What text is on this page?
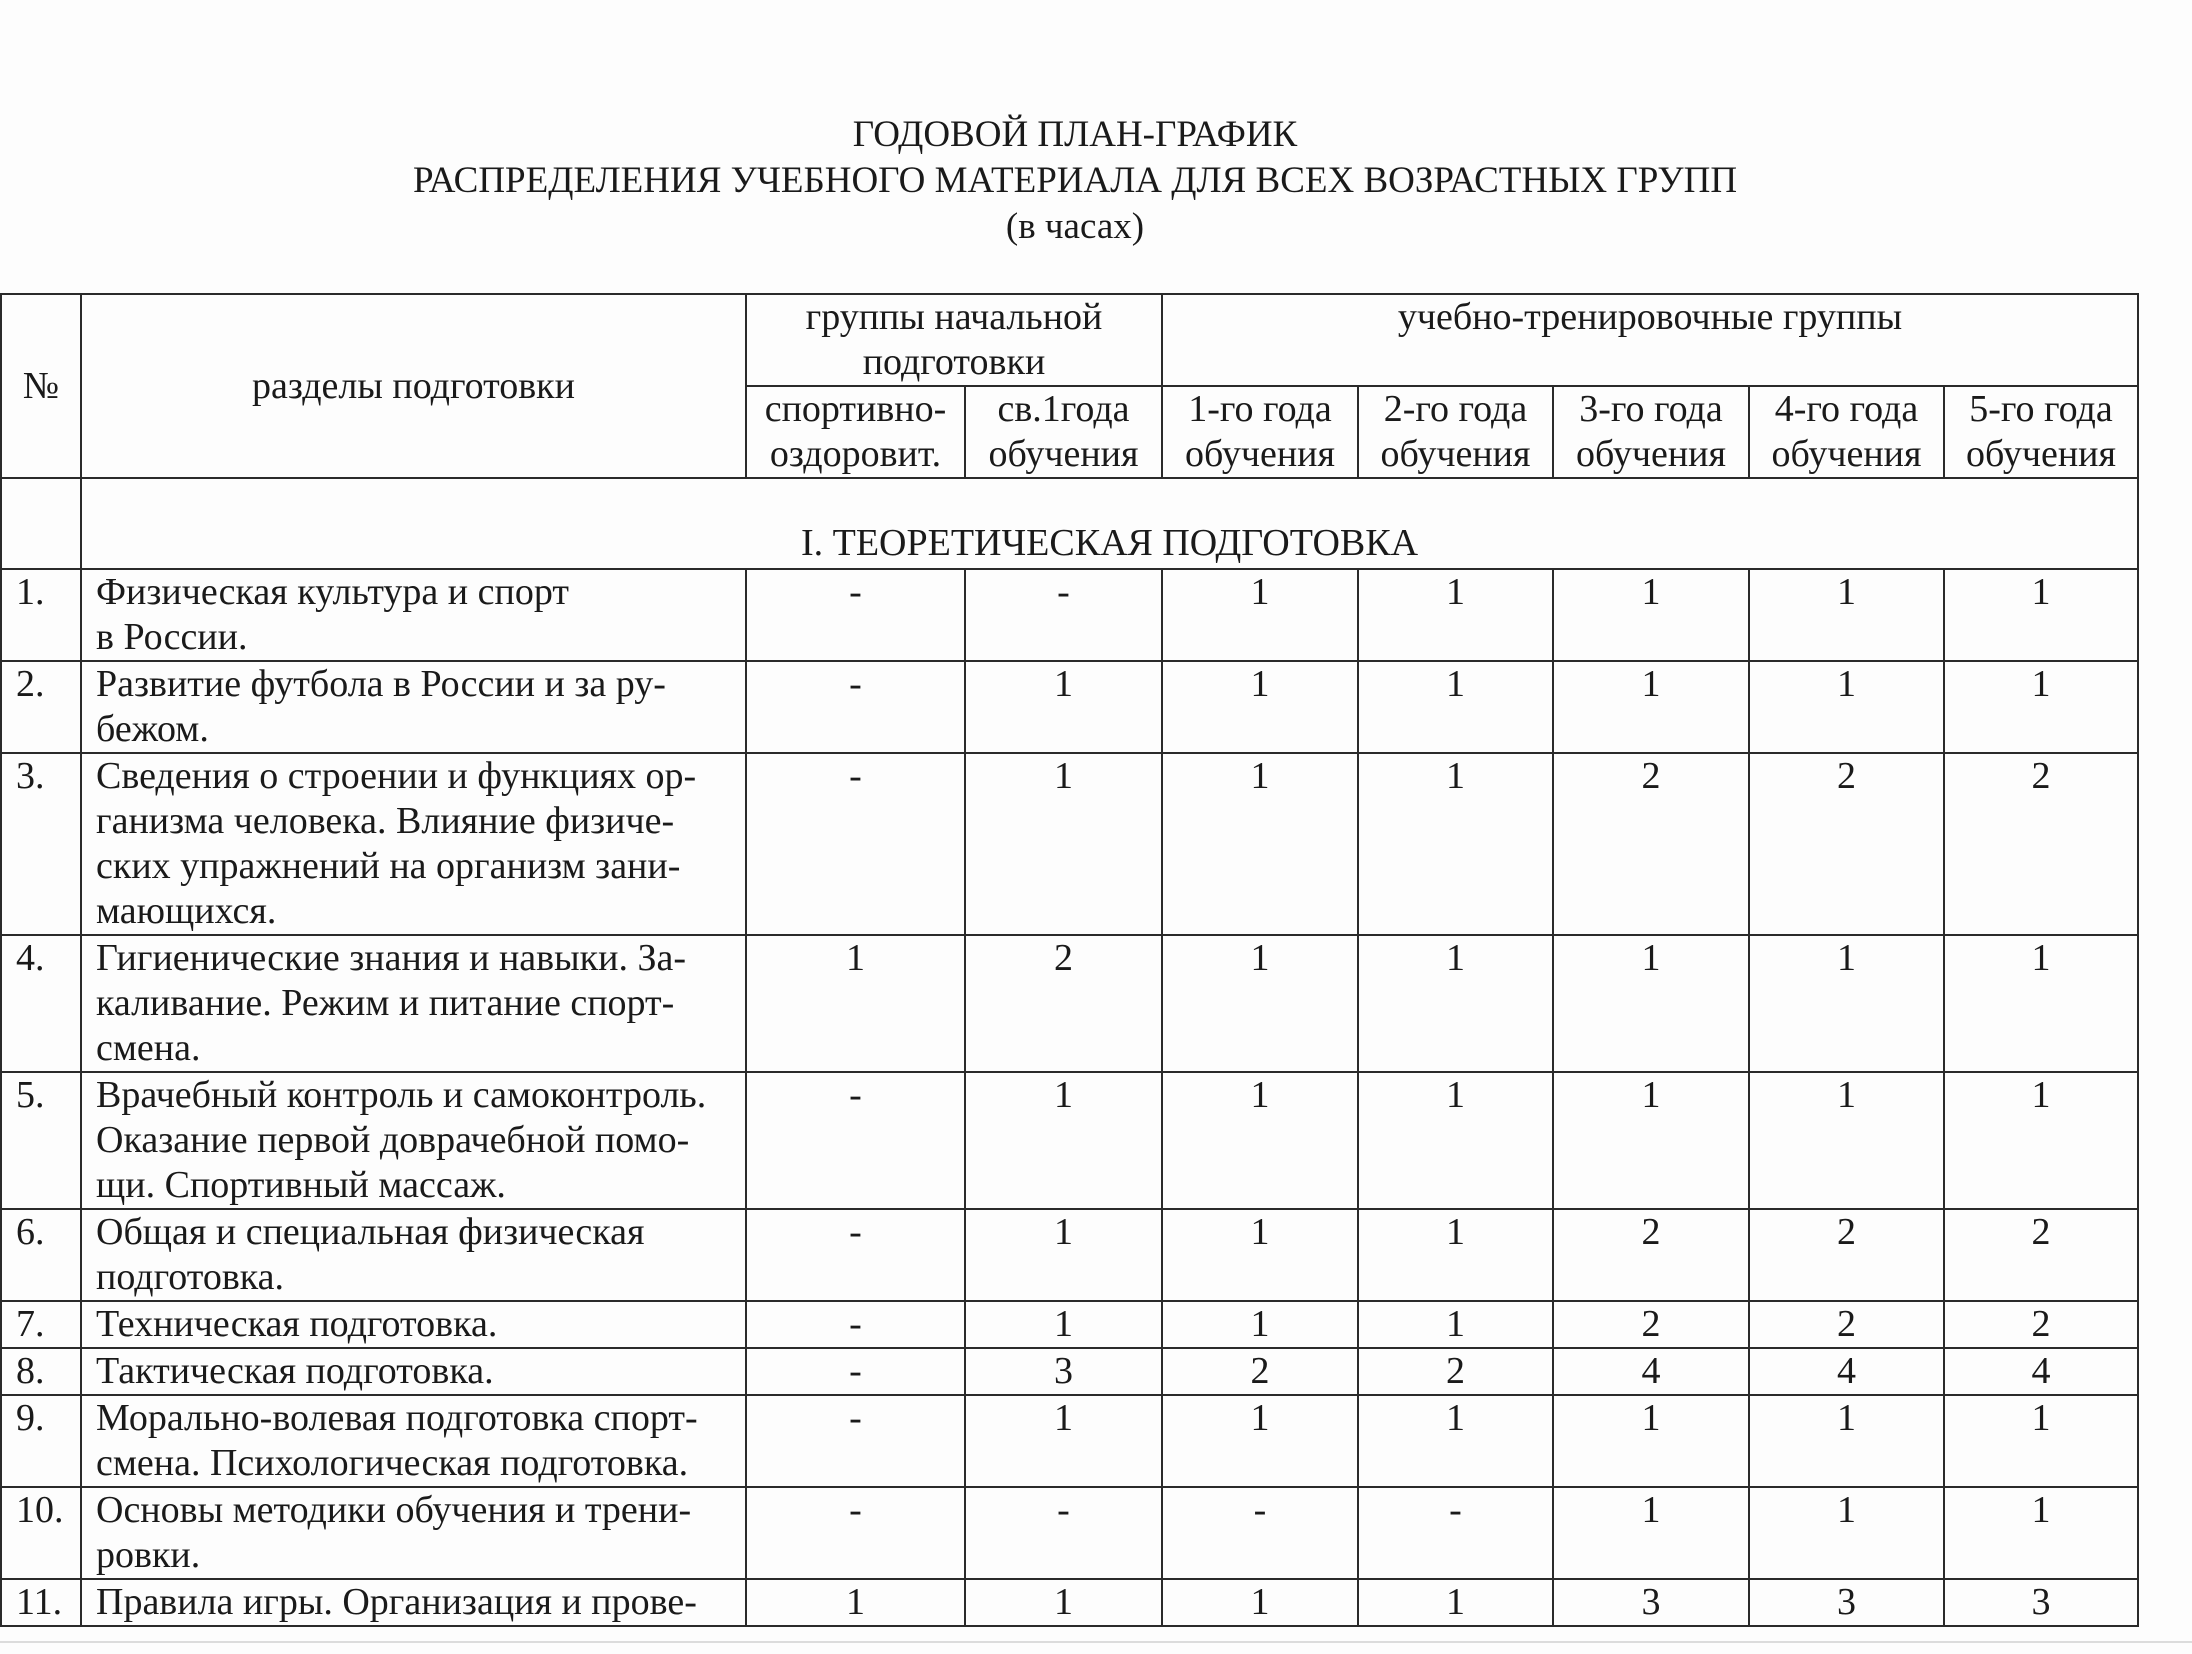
ГОДОВОЙ ПЛАН-ГРАФИК
РАСПРЕДЕЛЕНИЯ УЧЕБНОГО МАТЕРИАЛА ДЛЯ ВСЕХ ВОЗРАСТНЫХ ГРУПП
(в часах)
№	разделы подготовки	группы начальной подготовки		учебно-тренировочные группы				
		спортивно- оздоровит.	св.1года обучения	1-го года обучения	2-го года обучения	3-го года обучения	4-го года обучения	5-го года обучения
	I. ТЕОРЕТИЧЕСКАЯ ПОДГОТОВКА							
1.	Физическая культура и спорт
в России.	-	-	1	1	1	1	1
2.	Развитие футбола в России и за ру-
бежом.	-	1	1	1	1	1	1
3.	Сведения о строении и функциях ор-
ганизма человека. Влияние физиче-
ских упражнений на организм зани-
мающихся.	-	1	1	1	2	2	2
4.	Гигиенические знания и навыки. За-
каливание. Режим и питание спорт-
смена.	1	2	1	1	1	1	1
5.	Врачебный контроль и самоконтроль.
Оказание первой доврачебной помо-
щи. Спортивный массаж.	-	1	1	1	1	1	1
6.	Общая и специальная физическая
подготовка.	-	1	1	1	2	2	2
7.	Техническая подготовка.	-	1	1	1	2	2	2
8.	Тактическая подготовка.	-	3	2	2	4	4	4
9.	Морально-волевая подготовка спорт-
смена. Психологическая подготовка.	-	1	1	1	1	1	1
10.	Основы методики обучения и трени-
ровки.	-	-	-	-	1	1	1
11.	Правила игры. Организация и прове-	1	1	1	1	3	3	3
